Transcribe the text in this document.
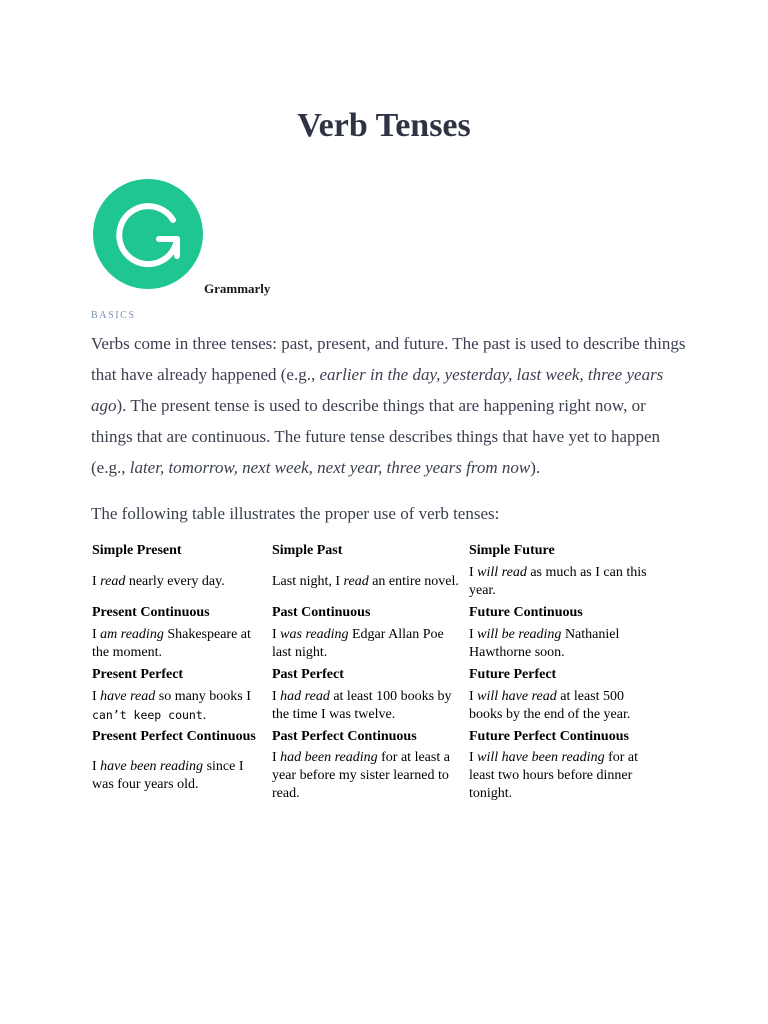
Verb Tenses
Grammarly
BASICS

Verbs come in three tenses: past, present, and future. The past is used to describe things that have already happened (e.g., earlier in the day, yesterday, last week, three years ago). The present tense is used to describe things that are happening right now, or things that are continuous. The future tense describes things that have yet to happen (e.g., later, tomorrow, next week, next year, three years from now).

The following table illustrates the proper use of verb tenses:

Simple Present	Simple Past	Simple Future
I read nearly every day.	Last night, I read an entire novel.	I will read as much as I can this year.
Present Continuous	Past Continuous	Future Continuous
I am reading Shakespeare at the moment.	I was reading Edgar Allan Poe last night.	I will be reading Nathaniel Hawthorne soon.
Present Perfect	Past Perfect	Future Perfect
I have read so many books I can’t keep count.	I had read at least 100 books by the time I was twelve.	I will have read at least 500 books by the end of the year.
Present Perfect Continuous	Past Perfect Continuous	Future Perfect Continuous
I have been reading since I was four years old.	I had been reading for at least a year before my sister learned to read.	I will have been reading for at least two hours before dinner tonight.
